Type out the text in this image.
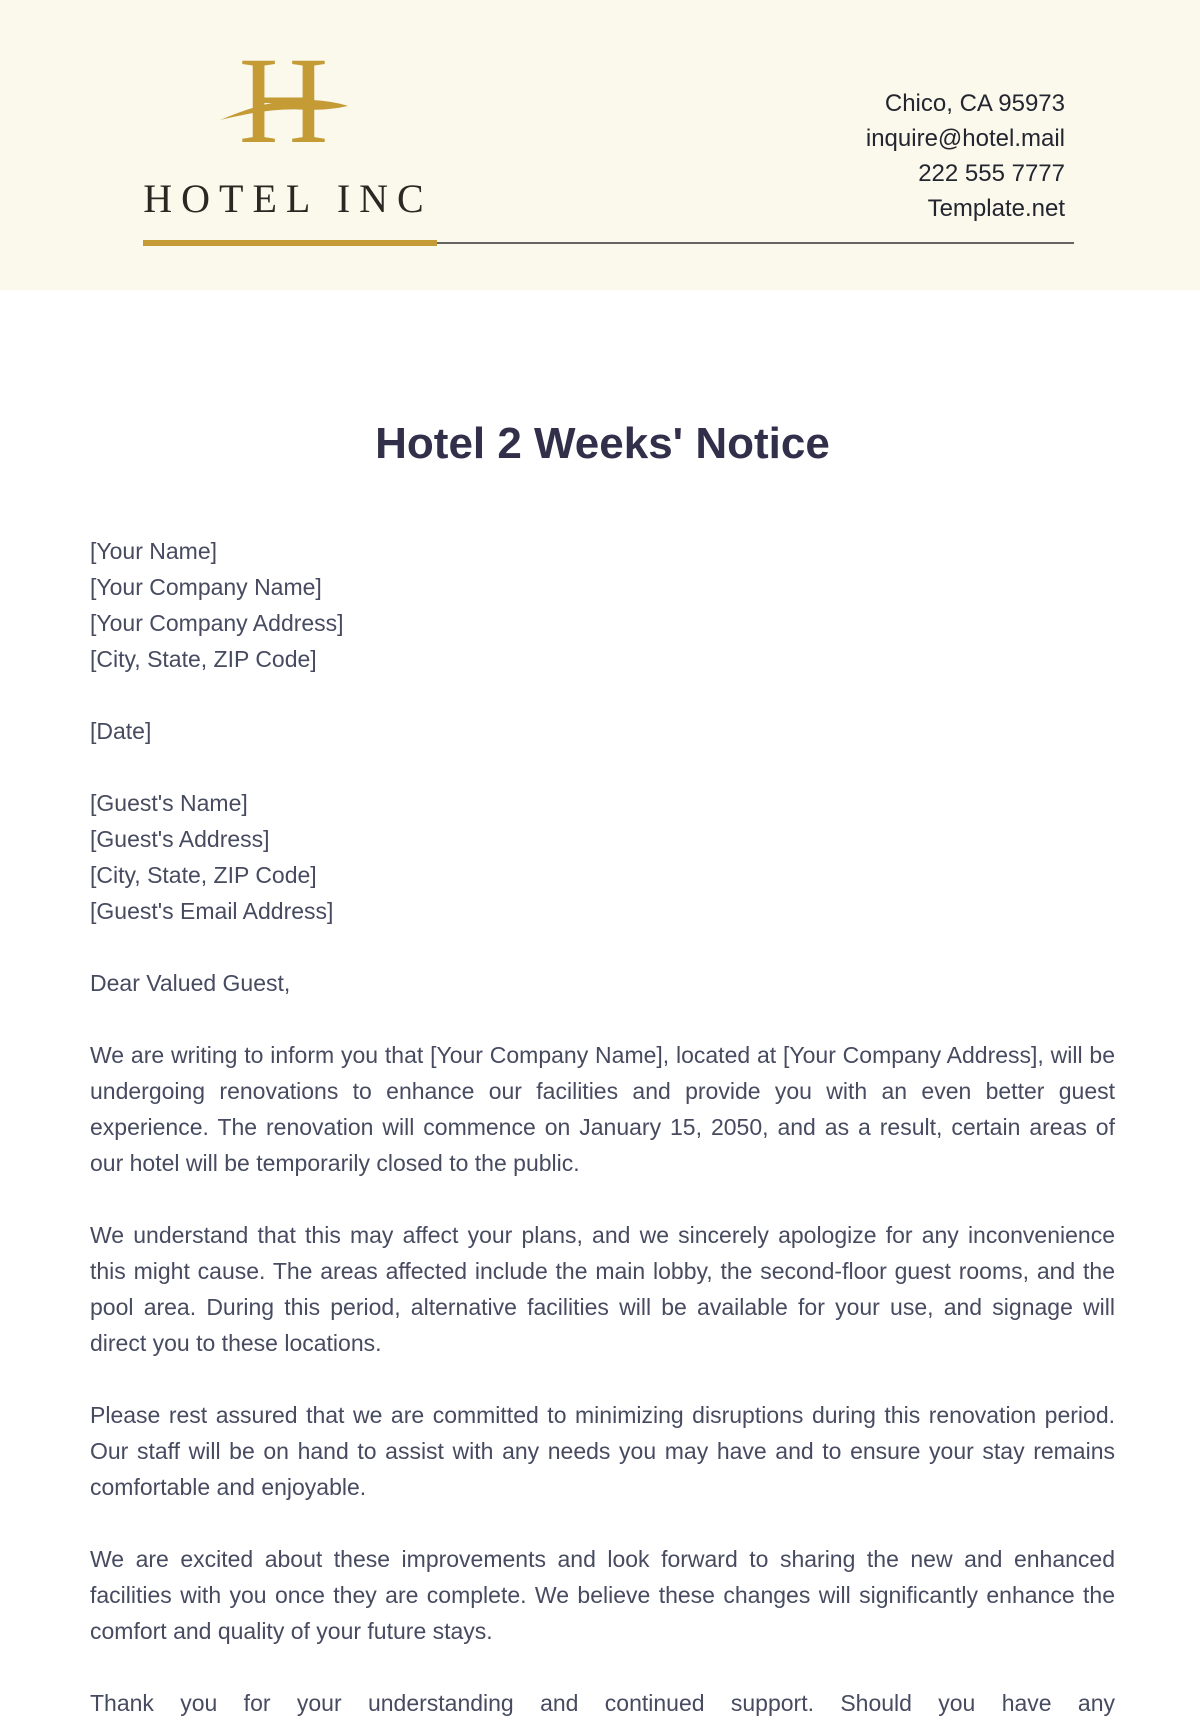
H
HOTEL INC
Chico, CA 95973
inquire@hotel.mail
222 555 7777
Template.net
Hotel 2 Weeks' Notice
[Your Name]
[Your Company Name]
[Your Company Address]
[City, State, ZIP Code]
[Date]
[Guest's Name]
[Guest's Address]
[City, State, ZIP Code]
[Guest's Email Address]
Dear Valued Guest,

We are writing to inform you that [Your Company Name], located at [Your Company Address], will be undergoing renovations to enhance our facilities and provide you with an even better guest experience. The renovation will commence on January 15, 2050, and as a result, certain areas of our hotel will be temporarily closed to the public.

We understand that this may affect your plans, and we sincerely apologize for any inconvenience this might cause. The areas affected include the main lobby, the second-floor guest rooms, and the pool area. During this period, alternative facilities will be available for your use, and signage will direct you to these locations.

Please rest assured that we are committed to minimizing disruptions during this renovation period. Our staff will be on hand to assist with any needs you may have and to ensure your stay remains comfortable and enjoyable.

We are excited about these improvements and look forward to sharing the new and enhanced facilities with you once they are complete. We believe these changes will significantly enhance the comfort and quality of your future stays.

Thank you for your understanding and continued support. Should you have any
